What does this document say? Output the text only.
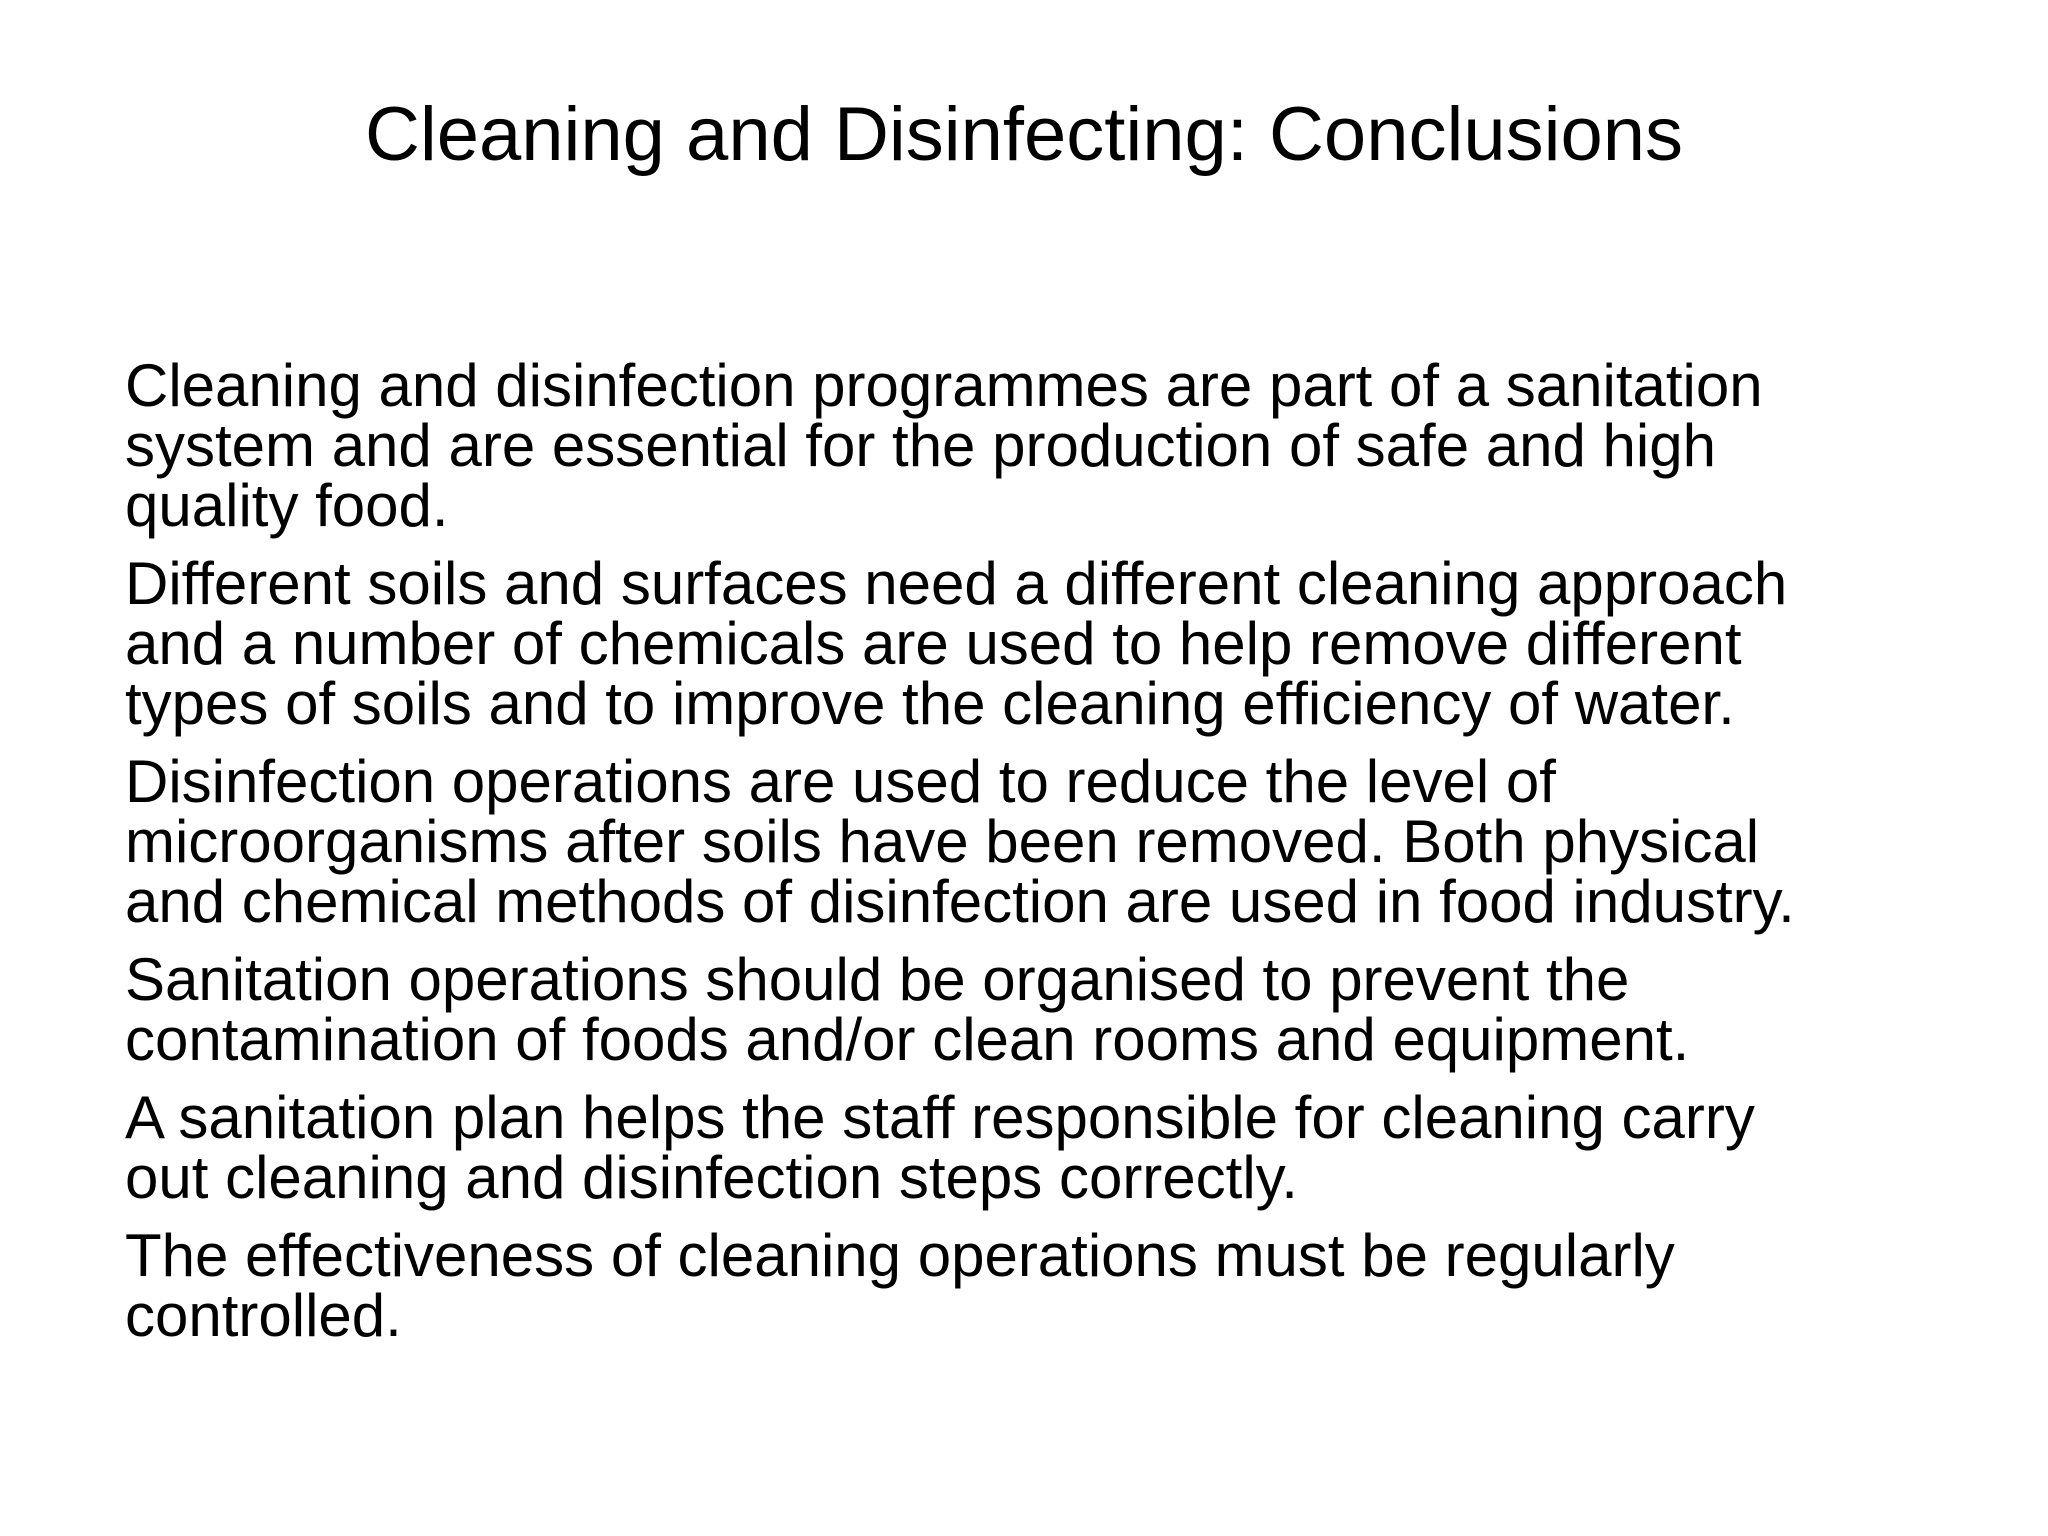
Cleaning and Disinfecting: Conclusions
Cleaning and disinfection programmes are part of a sanitation
system and are essential for the production of safe and high
quality food.
Different soils and surfaces need a different cleaning approach
and a number of chemicals are used to help remove different
types of soils and to improve the cleaning efficiency of water.
Disinfection operations are used to reduce the level of
microorganisms after soils have been removed. Both physical
and chemical methods of disinfection are used in food industry.
Sanitation operations should be organised to prevent the
contamination of foods and/or clean rooms and equipment.
A sanitation plan helps the staff responsible for cleaning carry
out cleaning and disinfection steps correctly.
The effectiveness of cleaning operations must be regularly
controlled.
